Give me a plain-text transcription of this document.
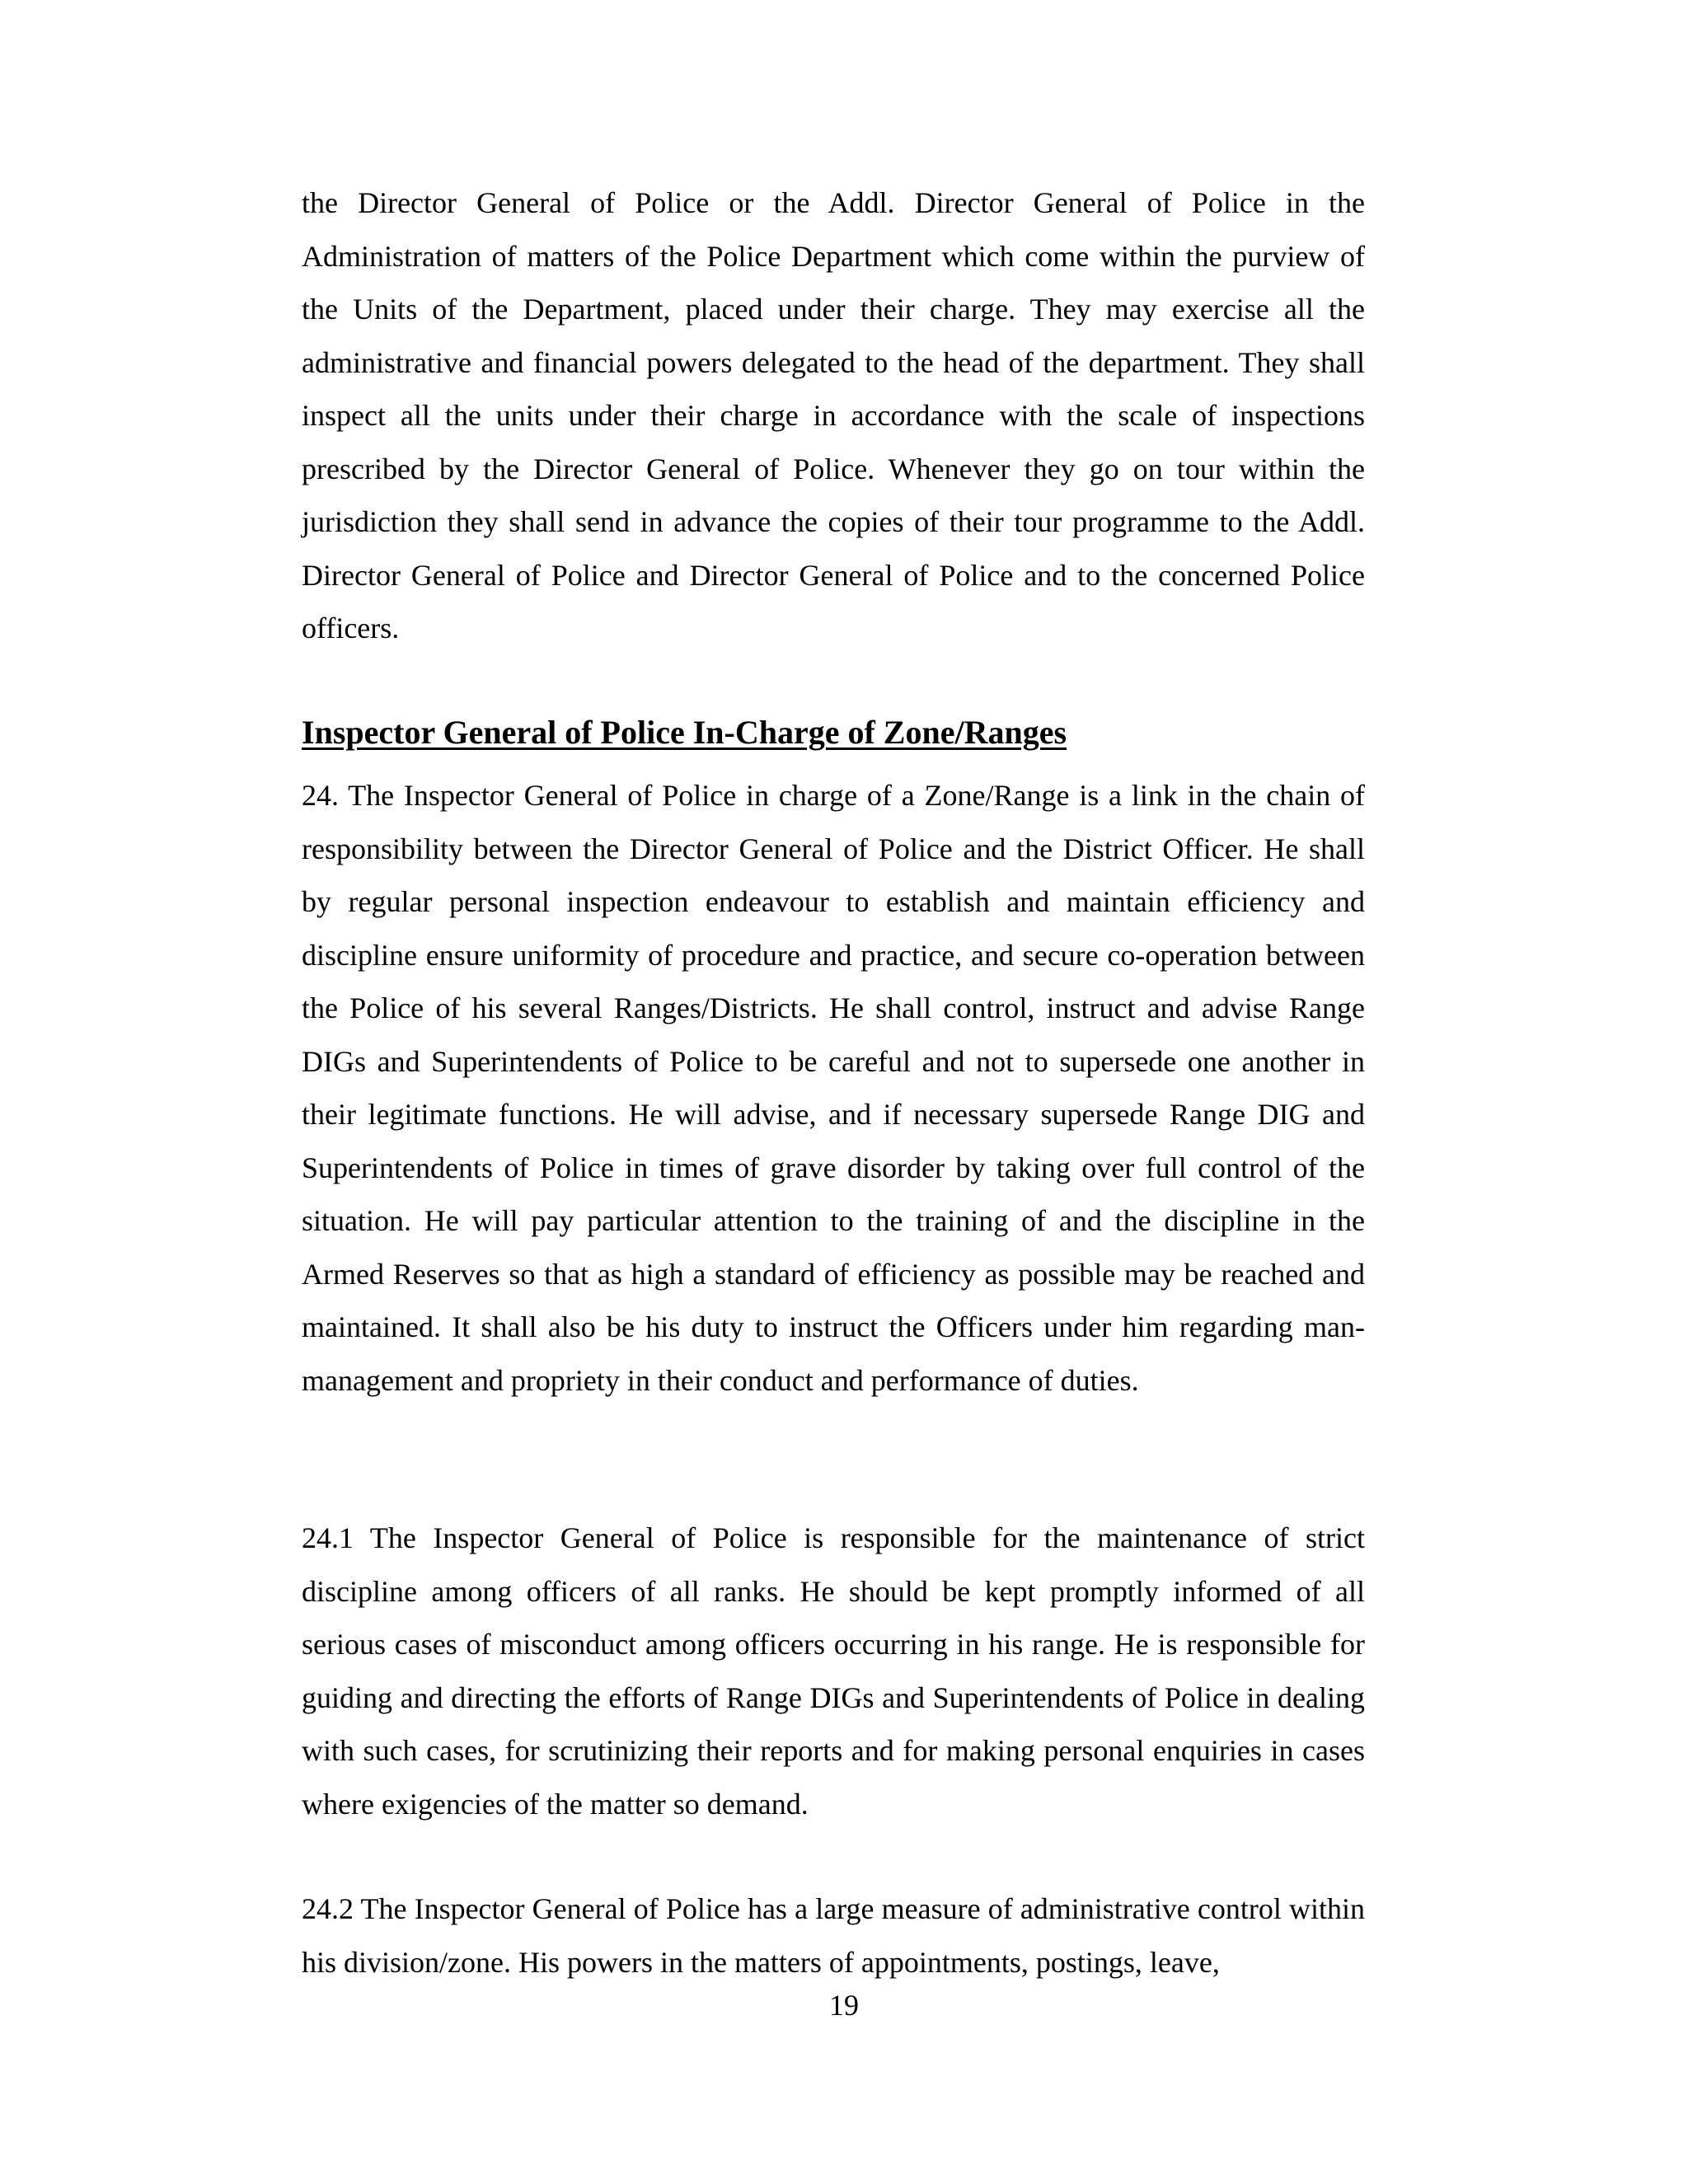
the Director General of Police or the Addl. Director General of Police in the Administration of matters of the Police Department which come within the purview of the Units of the Department, placed under their charge. They may exercise all the administrative and financial powers delegated to the head of the department. They shall inspect all the units under their charge in accordance with the scale of inspections prescribed by the Director General of Police. Whenever they go on tour within the jurisdiction they shall send in advance the copies of their tour programme to the Addl. Director General of Police and Director General of Police and to the concerned Police officers.

Inspector General of Police In-Charge of Zone/Ranges

24. The Inspector General of Police in charge of a Zone/Range is a link in the chain of responsibility between the Director General of Police and the District Officer. He shall by regular personal inspection endeavour to establish and maintain efficiency and discipline ensure uniformity of procedure and practice, and secure co-operation between the Police of his several Ranges/Districts. He shall control, instruct and advise Range DIGs and Superintendents of Police to be careful and not to supersede one another in their legitimate functions. He will advise, and if necessary supersede Range DIG and Superintendents of Police in times of grave disorder by taking over full control of the situation. He will pay particular attention to the training of and the discipline in the Armed Reserves so that as high a standard of efficiency as possible may be reached and maintained. It shall also be his duty to instruct the Officers under him regarding man-management and propriety in their conduct and performance of duties.

24.1 The Inspector General of Police is responsible for the maintenance of strict discipline among officers of all ranks. He should be kept promptly informed of all serious cases of misconduct among officers occurring in his range. He is responsible for guiding and directing the efforts of Range DIGs and Superintendents of Police in dealing with such cases, for scrutinizing their reports and for making personal enquiries in cases where exigencies of the matter so demand.

24.2 The Inspector General of Police has a large measure of administrative control within his division/zone. His powers in the matters of appointments, postings, leave,

19
